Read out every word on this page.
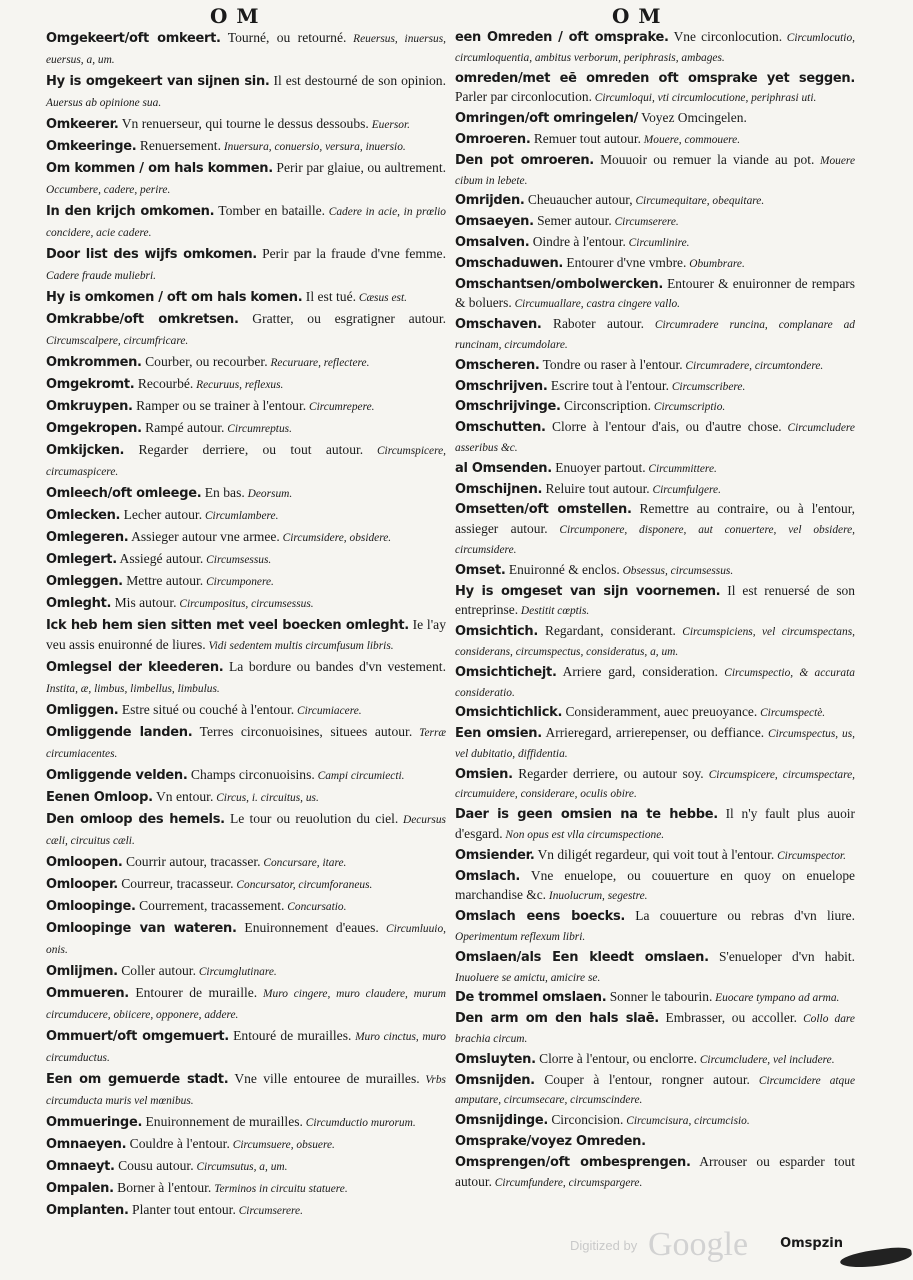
O M	O M
Omgekeert/oft omkeert. Tourné, ou retourné. Reuersus, inuersus, euersus, a, um.
Hy is omgekeert van sijnen sin. Il est destourné de son opinion. Auersus ab opinione sua.
Omkeerer. Vn renuerseur, qui tourne le dessus dessoubs. Euersor.
Omkeeringe. Renuersement. Inuersura, conuersio, versura, inuersio.
Om kommen / om hals kommen. Perir par glaiue, ou aultrement. Occumbere, cadere, perire.
In den krijch omkomen. Tomber en bataille. Cadere in acie, in prœlio concidere, acie cadere.
Door list des wijfs omkomen. Perir par la fraude d'vne femme. Cadere fraude muliebri.
Hy is omkomen / oft om hals komen. Il est tué. Cæsus est.
Omkrabbe/oft omkretsen. Gratter, ou esgratigner autour. Circumscalpere, circumfricare.
Omkrommen. Courber, ou recourber. Recuruare, reflectere.
Omgekromt. Recourbé. Recuruus, reflexus.
Omkruypen. Ramper ou se trainer à l'entour. Circumrepere.
Omgekropen. Rampé autour. Circumreptus.
Omkijcken. Regarder derriere, ou tout autour. Circumspicere, circumaspicere.
Omleech/oft omleege. En bas. Deorsum.
Omlecken. Lecher autour. Circumlambere.
Omlegeren. Assieger autour vne armee. Circumsidere, obsidere.
Omlegert. Assiegé autour. Circumsessus.
Omleggen. Mettre autour. Circumponere.
Omleght. Mis autour. Circumpositus, circumsessus.
Ick heb hem sien sitten met veel boecken omleght. Ie l'ay veu assis enuironné de liures. Vidi sedentem multis circumfusum libris.
Omlegsel der kleederen. La bordure ou bandes d'vn vestement. Instita, æ, limbus, limbellus, limbulus.
Omliggen. Estre situé ou couché à l'entour. Circumiacere.
Omliggende landen. Terres circonuoisines, situees autour. Terræ circumiacentes.
Omliggende velden. Champs circonuoisins. Campi circumiecti.
Eenen Omloop. Vn entour. Circus, i. circuitus, us.
Den omloop des hemels. Le tour ou reuolution du ciel. Decursus cæli, circuitus cæli.
Omloopen. Courrir autour, tracasser. Concursare, itare.
Omlooper. Courreur, tracasseur. Concursator, circumforaneus.
Omloopinge. Courrement, tracassement. Concursatio.
Omloopinge van wateren. Enuironnement d'eaues. Circumluuio, onis.
Omlijmen. Coller autour. Circumglutinare.
Ommueren. Entourer de muraille. Muro cingere, muro claudere, murum circumducere, obiicere, opponere, addere.
Ommuert/oft omgemuert. Entouré de murailles. Muro cinctus, muro circumductus.
Een om gemuerde stadt. Vne ville entouree de murailles. Vrbs circumducta muris vel mœnibus.
Ommueringe. Enuironnement de murailles. Circumductio murorum.
Omnaeyen. Couldre à l'entour. Circumsuere, obsuere.
Omnaeyt. Cousu autour. Circumsutus, a, um.
Ompalen. Borner à l'entour. Terminos in circuitu statuere.
Omplanten. Planter tout entour. Circumserere.
een Omreden / oft omsprake. Vne circonlocution. Circumlocutio, circumloquentia, ambitus verborum, periphrasis, ambages.
omreden/met eē omreden oft omsprake yet seggen. Parler par circonlocution. Circumloqui, vti circumlocutione, periphrasi uti.
Omringen/oft omringelen/ Voyez Omcingelen.
Omroeren. Remuer tout autour. Mouere, commouere.
Den pot omroeren. Mouuoir ou remuer la viande au pot. Mouere cibum in lebete.
Omrijden. Cheuaucher autour, Circumequitare, obequitare.
Omsaeyen. Semer autour. Circumserere.
Omsalven. Oindre à l'entour. Circumlinire.
Omschaduwen. Entourer d'vne vmbre. Obumbrare.
Omschantsen/ombolwercken. Entourer & enuironner de rempars & boluers. Circumuallare, castra cingere vallo.
Omschaven. Raboter autour. Circumradere runcina, complanare ad runcinam, circumdolare.
Omscheren. Tondre ou raser à l'entour. Circumradere, circumtondere.
Omschrijven. Escrire tout à l'entour. Circumscribere.
Omschrijvinge. Circonscription. Circumscriptio.
Omschutten. Clorre à l'entour d'ais, ou d'autre chose. Circumcludere asseribus &c.
al Omsenden. Enuoyer partout. Circummittere.
Omschijnen. Reluire tout autour. Circumfulgere.
Omsetten/oft omstellen. Remettre au contraire, ou à l'entour, assieger autour. Circumponere, disponere, aut conuertere, vel obsidere, circumsidere.
Omset. Enuironné & enclos. Obsessus, circumsessus.
Hy is omgeset van sijn voornemen. Il est renuersé de son entreprinse. Destitit cœptis.
Omsichtich. Regardant, considerant. Circumspiciens, vel circumspectans, considerans, circumspectus, consideratus, a, um.
Omsichtichejt. Arriere gard, consideration. Circumspectio, & accurata consideratio.
Omsichtichlick. Consideramment, auec preuoyance. Circumspectè.
Een omsien. Arrieregard, arrierepenser, ou deffiance. Circumspectus, us, vel dubitatio, diffidentia.
Omsien. Regarder derriere, ou autour soy. Circumspicere, circumspectare, circumuidere, considerare, oculis obire.
Daer is geen omsien na te hebbe. Il n'y fault plus auoir d'esgard. Non opus est vlla circumspectione.
Omsiender. Vn diligét regardeur, qui voit tout à l'entour. Circumspector.
Omslach. Vne enuelope, ou couuerture en quoy on enuelope marchandise &c. Inuolucrum, segestre.
Omslach eens boecks. La couuerture ou rebras d'vn liure. Operimentum reflexum libri.
Omslaen/als Een kleedt omslaen. S'enueloper d'vn habit. Inuoluere se amictu, amicire se.
De trommel omslaen. Sonner le tabourin. Euocare tympano ad arma.
Den arm om den hals slaē. Embrasser, ou accoller. Collo dare brachia circum.
Omsluyten. Clorre à l'entour, ou enclorre. Circumcludere, vel includere.
Omsnijden. Couper à l'entour, rongner autour. Circumcidere atque amputare, circumsecare, circumscindere.
Omsnijdinge. Circoncision. Circumcisura, circumcisio.
Omsprake/voyez Omreden.
Omsprengen/oft ombesprengen. Arrouser ou esparder tout autour. Circumfundere, circumspargere.
Omspzin
Digitized by Google
